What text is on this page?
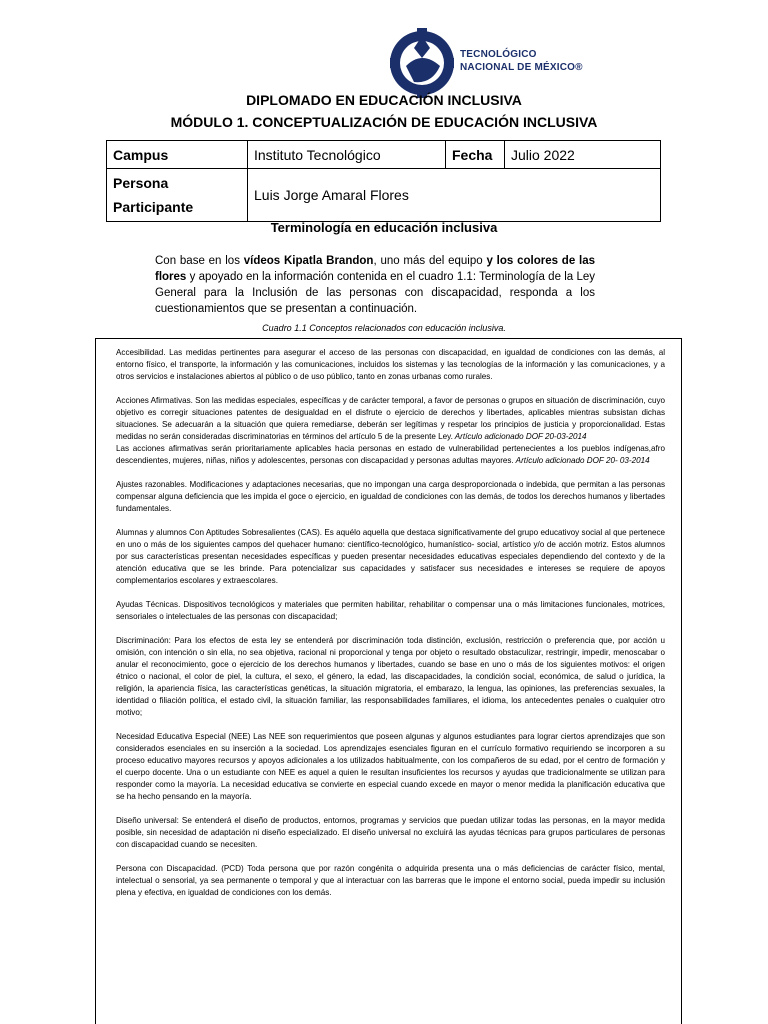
TECNOLÓGICO
NACIONAL DE MÉXICO®
DIPLOMADO EN EDUCACIÓN INCLUSIVA
MÓDULO 1. CONCEPTUALIZACIÓN DE EDUCACIÓN INCLUSIVA
Campus	Instituto Tecnológico	Fecha	Julio 2022

Persona
Participante	Luis Jorge Amaral Flores		
Terminología en educación inclusiva
Con base en los vídeos Kipatla Brandon, uno más del equipo y los colores de las flores y apoyado en la información contenida en el cuadro 1.1: Terminología de la Ley General para la Inclusión de las personas con discapacidad, responda a los cuestionamientos que se presentan a continuación.
Cuadro 1.1 Conceptos relacionados con educación inclusiva.

Accesibilidad. Las medidas pertinentes para asegurar el acceso de las personas con discapacidad, en igualdad de condiciones con las demás, al entorno físico, el transporte, la información y las comunicaciones, incluidos los sistemas y las tecnologías de la información y las comunicaciones, y a otros servicios e instalaciones abiertos al público o de uso público, tanto en zonas urbanas como rurales.

Acciones Afirmativas. Son las medidas especiales, específicas y de carácter temporal, a favor de personas o grupos en situación de discriminación, cuyo objetivo es corregir situaciones patentes de desigualdad en el disfrute o ejercicio de derechos y libertades, aplicables mientras subsistan dichas situaciones. Se adecuarán a la situación que quiera remediarse, deberán ser legítimas y respetar los principios de justicia y proporcionalidad. Estas medidas no serán consideradas discriminatorias en términos del artículo 5 de la presente Ley. Artículo adicionado DOF 20-03-2014

Las acciones afirmativas serán prioritariamente aplicables hacia personas en estado de vulnerabilidad pertenecientes a los pueblos indígenas,afro descendientes, mujeres, niñas, niños y adolescentes, personas con discapacidad y personas adultas mayores. Artículo adicionado DOF 20- 03-2014

Ajustes razonables. Modificaciones y adaptaciones necesarias, que no impongan una carga desproporcionada o indebida, que permitan a las personas compensar alguna deficiencia que les impida el goce o ejercicio, en igualdad de condiciones con las demás, de todos los derechos humanos y libertades fundamentales.

Alumnas y alumnos Con Aptitudes Sobresalientes (CAS). Es aquélo aquella que destaca significativamente del grupo educativoy social al que pertenece en uno o más de los siguientes campos del quehacer humano: científico-tecnológico, humanístico- social, artístico y/o de acción motriz. Estos alumnos por sus características presentan necesidades específicas y pueden presentar necesidades educativas especiales dependiendo del contexto y de la atención educativa que se les brinde. Para potencializar sus capacidades y satisfacer sus necesidades e intereses se requiere de apoyos complementarios escolares y extraescolares.

Ayudas Técnicas. Dispositivos tecnológicos y materiales que permiten habilitar, rehabilitar o compensar una o más limitaciones funcionales, motrices, sensoriales o intelectuales de las personas con discapacidad;

Discriminación: Para los efectos de esta ley se entenderá por discriminación toda distinción, exclusión, restricción o preferencia que, por acción u omisión, con intención o sin ella, no sea objetiva, racional ni proporcional y tenga por objeto o resultado obstaculizar, restringir, impedir, menoscabar o anular el reconocimiento, goce o ejercicio de los derechos humanos y libertades, cuando se base en uno o más de los siguientes motivos: el origen étnico o nacional, el color de piel, la cultura, el sexo, el género, la edad, las discapacidades, la condición social, económica, de salud o jurídica, la religión, la apariencia física, las características genéticas, la situación migratoria, el embarazo, la lengua, las opiniones, las preferencias sexuales, la identidad o filiación política, el estado civil, la situación familiar, las responsabilidades familiares, el idioma, los antecedentes penales o cualquier otro motivo;

Necesidad Educativa Especial (NEE) Las NEE son requerimientos que poseen algunas y algunos estudiantes para lograr ciertos aprendizajes que son considerados esenciales en su inserción a la sociedad. Los aprendizajes esenciales figuran en el currículo formativo requiriendo se incorporen a su proceso educativo mayores recursos y apoyos adicionales a los utilizados habitualmente, con los compañeros de su edad, por el centro de formación y el cuerpo docente. Una o un estudiante con NEE es aquel a quien le resultan insuficientes los recursos y ayudas que tradicionalmente se utilizan para responder como la mayoría. La necesidad educativa se convierte en especial cuando excede en mayor o menor medida la planificación educativa que se ha hecho pensando en la mayoría.

Diseño universal: Se entenderá el diseño de productos, entornos, programas y servicios que puedan utilizar todas las personas, en la mayor medida posible, sin necesidad de adaptación ni diseño especializado. El diseño universal no excluirá las ayudas técnicas para grupos particulares de personas con discapacidad cuando se necesiten.

Persona con Discapacidad. (PCD) Toda persona que por razón congénita o adquirida presenta una o más deficiencias de carácter físico, mental, intelectual o sensorial, ya sea permanente o temporal y que al interactuar con las barreras que le impone el entorno social, pueda impedir su inclusión plena y efectiva, en igualdad de condiciones con los demás.
